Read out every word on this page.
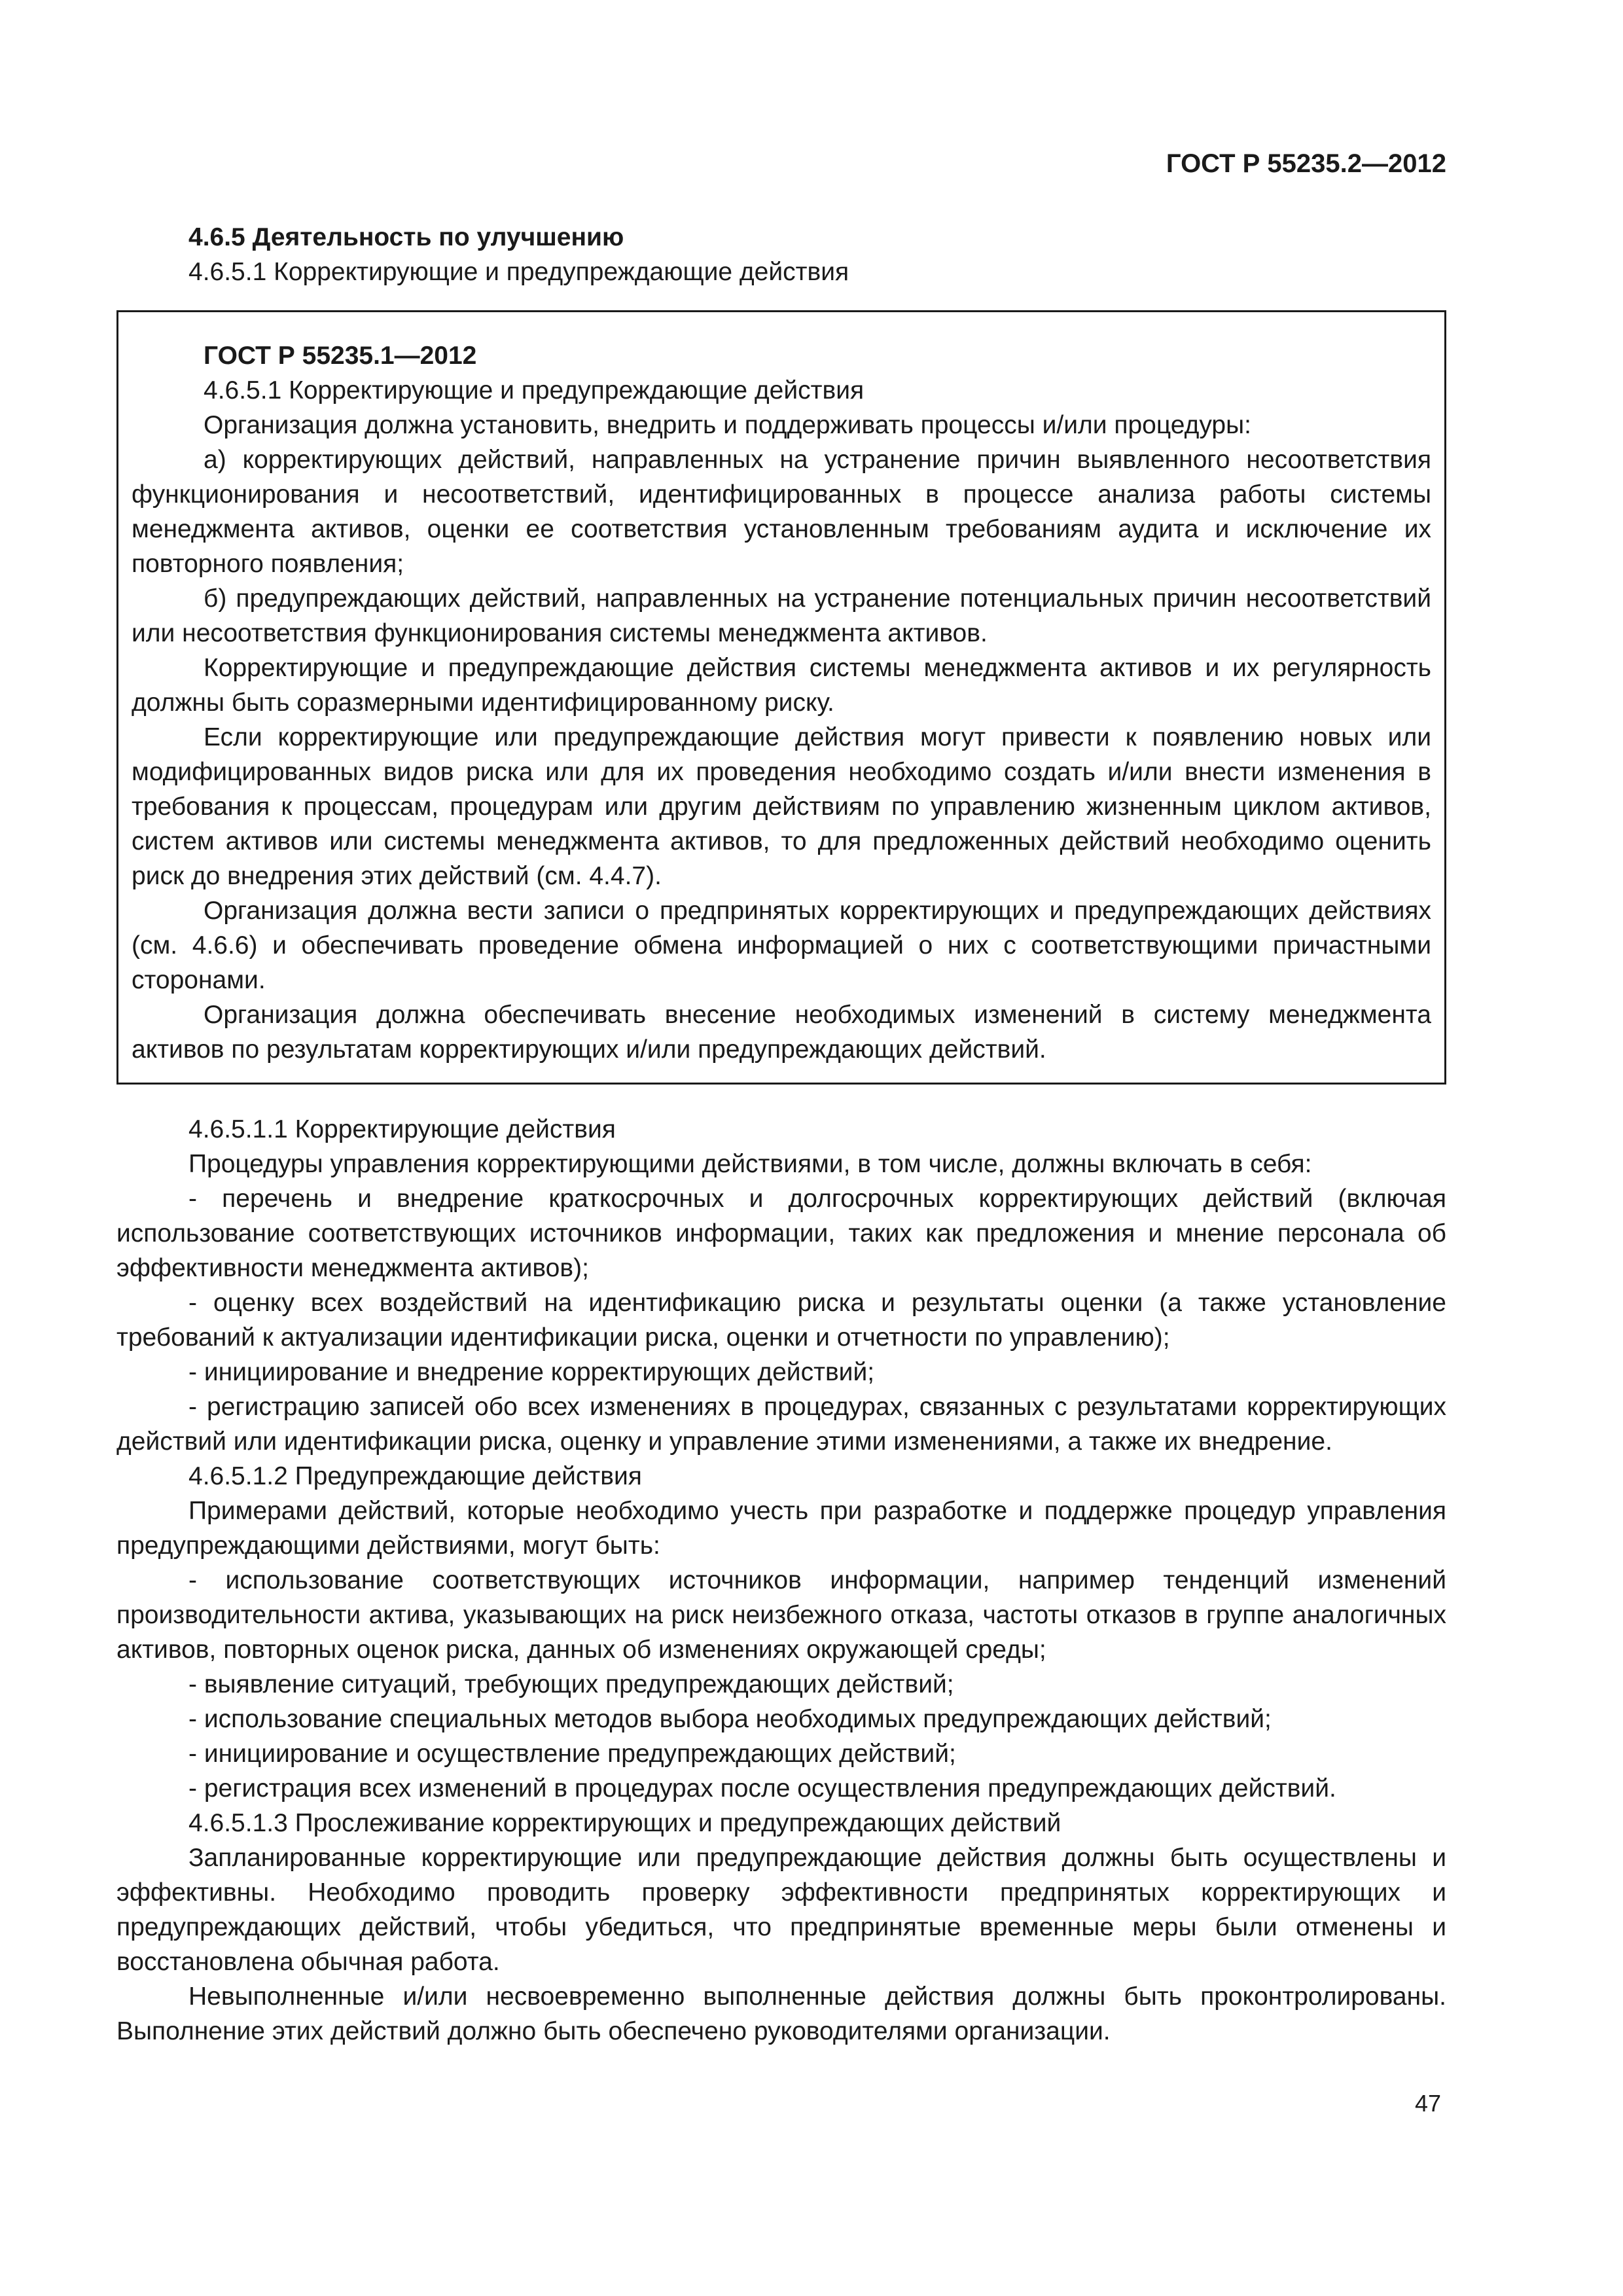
ГОСТ Р 55235.2—2012

4.6.5 Деятельность по улучшению

4.6.5.1 Корректирующие и предупреждающие действия

ГОСТ Р 55235.1—2012

4.6.5.1 Корректирующие и предупреждающие действия

Организация должна установить, внедрить и поддерживать процессы и/или процедуры:

а) корректирующих действий, направленных на устранение причин выявленного несоответствия функционирования и несоответствий, идентифицированных в процессе анализа работы системы менеджмента активов, оценки ее соответствия установленным требованиям аудита и исключение их повторного появления;

б) предупреждающих действий, направленных на устранение потенциальных причин несоответствий или несоответствия функционирования системы менеджмента активов.

Корректирующие и предупреждающие действия системы менеджмента активов и их регулярность должны быть соразмерными идентифицированному риску.

Если корректирующие или предупреждающие действия могут привести к появлению новых или модифицированных видов риска или для их проведения необходимо создать и/или внести изменения в требования к процессам, процедурам или другим действиям по управлению жизненным циклом активов, систем активов или системы менеджмента активов, то для предложенных действий необходимо оценить риск до внедрения этих действий (см. 4.4.7).

Организация должна вести записи о предпринятых корректирующих и предупреждающих действиях (см. 4.6.6) и обеспечивать проведение обмена информацией о них с соответствующими причастными сторонами.

Организация должна обеспечивать внесение необходимых изменений в систему менеджмента активов по результатам корректирующих и/или предупреждающих действий.

4.6.5.1.1 Корректирующие действия

Процедуры управления корректирующими действиями, в том числе, должны включать в себя:

- перечень и внедрение краткосрочных и долгосрочных корректирующих действий (включая использование соответствующих источников информации, таких как предложения и мнение персонала об эффективности менеджмента активов);

- оценку всех воздействий на идентификацию риска и результаты оценки (а также установление требований к актуализации идентификации риска, оценки и отчетности по управлению);

- инициирование и внедрение корректирующих действий;

- регистрацию записей обо всех изменениях в процедурах, связанных с результатами корректирующих действий или идентификации риска, оценку и управление этими изменениями, а также их внедрение.

4.6.5.1.2 Предупреждающие действия

Примерами действий, которые необходимо учесть при разработке и поддержке процедур управления предупреждающими действиями, могут быть:

- использование соответствующих источников информации, например тенденций изменений производительности актива, указывающих на риск неизбежного отказа, частоты отказов в группе аналогичных активов, повторных оценок риска, данных об изменениях окружающей среды;

- выявление ситуаций, требующих предупреждающих действий;

- использование специальных методов выбора необходимых предупреждающих действий;

- инициирование и осуществление предупреждающих действий;

- регистрация всех изменений в процедурах после осуществления предупреждающих действий.

4.6.5.1.3 Прослеживание корректирующих и предупреждающих действий

Запланированные корректирующие или предупреждающие действия должны быть осуществлены и эффективны. Необходимо проводить проверку эффективности предпринятых корректирующих и предупреждающих действий, чтобы убедиться, что предпринятые временные меры были отменены и восстановлена обычная работа.

Невыполненные и/или несвоевременно выполненные действия должны быть проконтролированы. Выполнение этих действий должно быть обеспечено руководителями организации.

47
